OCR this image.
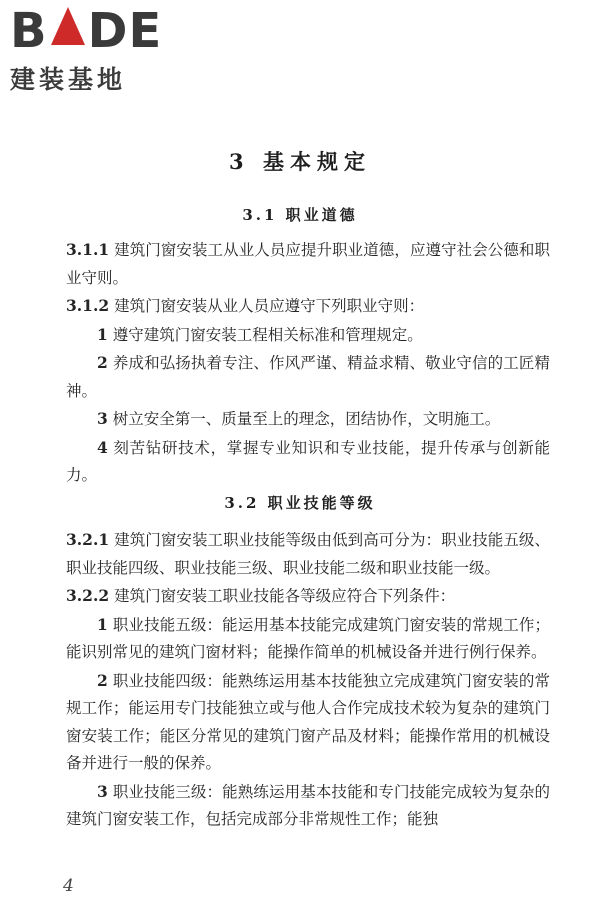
B DE
建装基地
3 基本规定
3.1 职业道德

3.1.1 建筑门窗安装工从业人员应提升职业道德，应遵守社会公德和职业守则。

3.1.2 建筑门窗安装从业人员应遵守下列职业守则：

1 遵守建筑门窗安装工程相关标准和管理规定。

2 养成和弘扬执着专注、作风严谨、精益求精、敬业守信的工匠精神。

3 树立安全第一、质量至上的理念，团结协作，文明施工。

4 刻苦钻研技术，掌握专业知识和专业技能，提升传承与创新能力。

3.2 职业技能等级

3.2.1 建筑门窗安装工职业技能等级由低到高可分为：职业技能五级、职业技能四级、职业技能三级、职业技能二级和职业技能一级。

3.2.2 建筑门窗安装工职业技能各等级应符合下列条件：

1 职业技能五级：能运用基本技能完成建筑门窗安装的常规工作；能识别常见的建筑门窗材料；能操作简单的机械设备并进行例行保养。

2 职业技能四级：能熟练运用基本技能独立完成建筑门窗安装的常规工作；能运用专门技能独立或与他人合作完成技术较为复杂的建筑门窗安装工作；能区分常见的建筑门窗产品及材料；能操作常用的机械设备并进行一般的保养。

3 职业技能三级：能熟练运用基本技能和专门技能完成较为复杂的建筑门窗安装工作，包括完成部分非常规性工作；能独

4
